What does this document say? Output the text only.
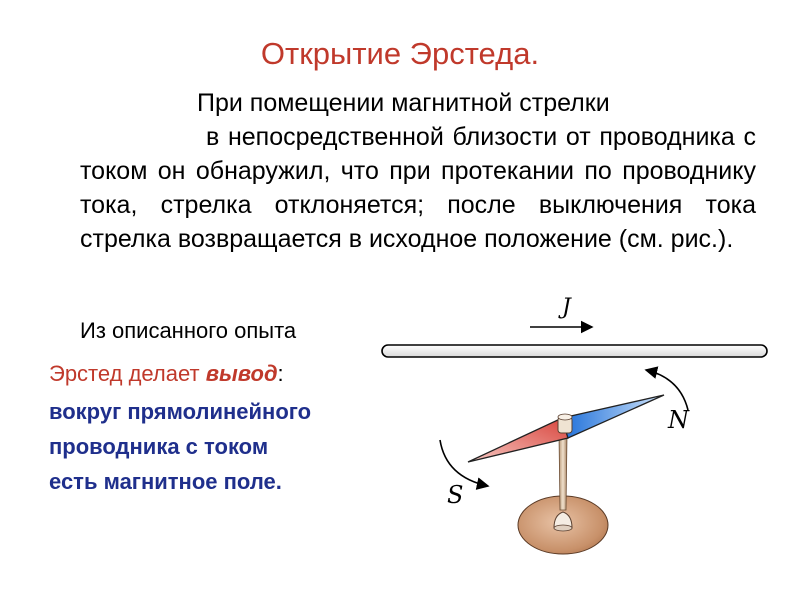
Открытие Эрстеда.
При помещении магнитной стрелки
в непосредственной близости от проводника с током он обнаружил, что при протекании по проводнику тока, стрелка отклоняется; после выключения тока стрелка возвращается в исходное положение (см. рис.).
Из описанного опыта
Эрстед делает вывод:
вокруг прямолинейного
проводника с током
есть магнитное поле.
J
N
S
